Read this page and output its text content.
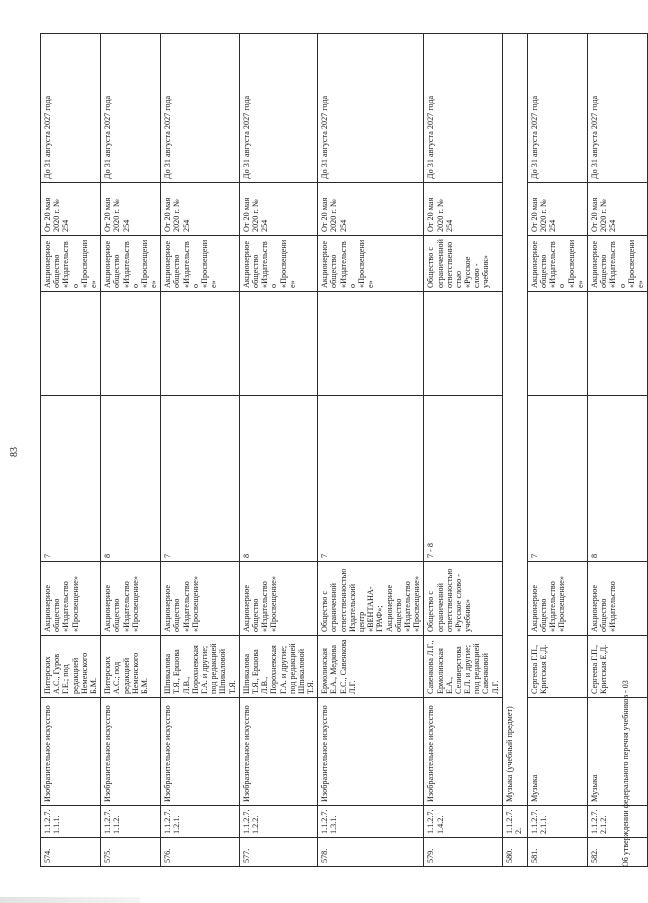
83
574.	1.1.2.7.1.1.1.	Изобразительное искусство	Питерских А.С., Гуров Г.Е.; под редакцией Неменского Б.М.	Акционерное общество «Издательство «Просвещение»	7		Акционерное общество «Издательство «Просвещение»	От 20 мая 2020 г. № 254	До 31 августа 2027 года
575.	1.1.2.7.1.1.2.	Изобразительное искусство	Питерских А.С.; под редакцией Неменского Б.М.	Акционерное общество «Издательство «Просвещение»	8		Акционерное общество «Издательство «Просвещение»	От 20 мая 2020 г. № 254	До 31 августа 2027 года
576.	1.1.2.7.1.2.1.	Изобразительное искусство	Шпикалова Т.Я., Ершова Л.В., Порохневская Г.А. и другие; под редакцией Шпикаловой Т.Я.	Акционерное общество «Издательство «Просвещение»	7		Акционерное общество «Издательство «Просвещение»	От 20 мая 2020 г. № 254	До 31 августа 2027 года
577.	1.1.2.7.1.2.2.	Изобразительное искусство	Шпикалова Т.Я., Ершова Л.В., Порохневская Г.А. и другие; под редакцией Шпикаловой Т.Я.	Акционерное общество «Издательство «Просвещение»	8		Акционерное общество «Издательство «Просвещение»	От 20 мая 2020 г. № 254	До 31 августа 2027 года
578.	1.1.2.7.1.3.1.	Изобразительное искусство	Ермолинская Е.А., Медкова Е.С., Савенкова Л.Г.	Общество с ограниченной ответственностью Издательский центр «ВЕНТАНА-ГРАФ»; Акционерное общество «Издательство «Просвещение»	7		Акционерное общество «Издательство «Просвещение»	От 20 мая 2020 г. № 254	До 31 августа 2027 года
579.	1.1.2.7.1.4.2.	Изобразительное искусство	Савенкова Л.Г., Ермолинская Е.А., Селиверстова Е.Л. и другие; под редакцией Савенковой Л.Г.	Общество с ограниченной ответственностью «Русское слово - учебник»	7 - 8		Общество с ограниченной ответственностью «Русское слово - учебник»	От 20 мая 2020 г. № 254	До 31 августа 2027 года
580.	1.1.2.7.2.	Музыка (учебный предмет)							
581.	1.1.2.7.2.1.1.	Музыка	Сергеева Г.П., Критская Е.Д.	Акционерное общество «Издательство «Просвещение»	7		Акционерное общество «Издательство «Просвещение»	От 20 мая 2020 г. № 254	До 31 августа 2027 года
582.	1.1.2.7.2.1.2.	Музыка	Сергеева Г.П., Критская Е.Д.	Акционерное общество «Издательство	8		Акционерное общество «Издательство «Просвещение»	От 20 мая 2020 г. № 254	До 31 августа 2027 года
Об утверждении федерального перечня учебников - 03
